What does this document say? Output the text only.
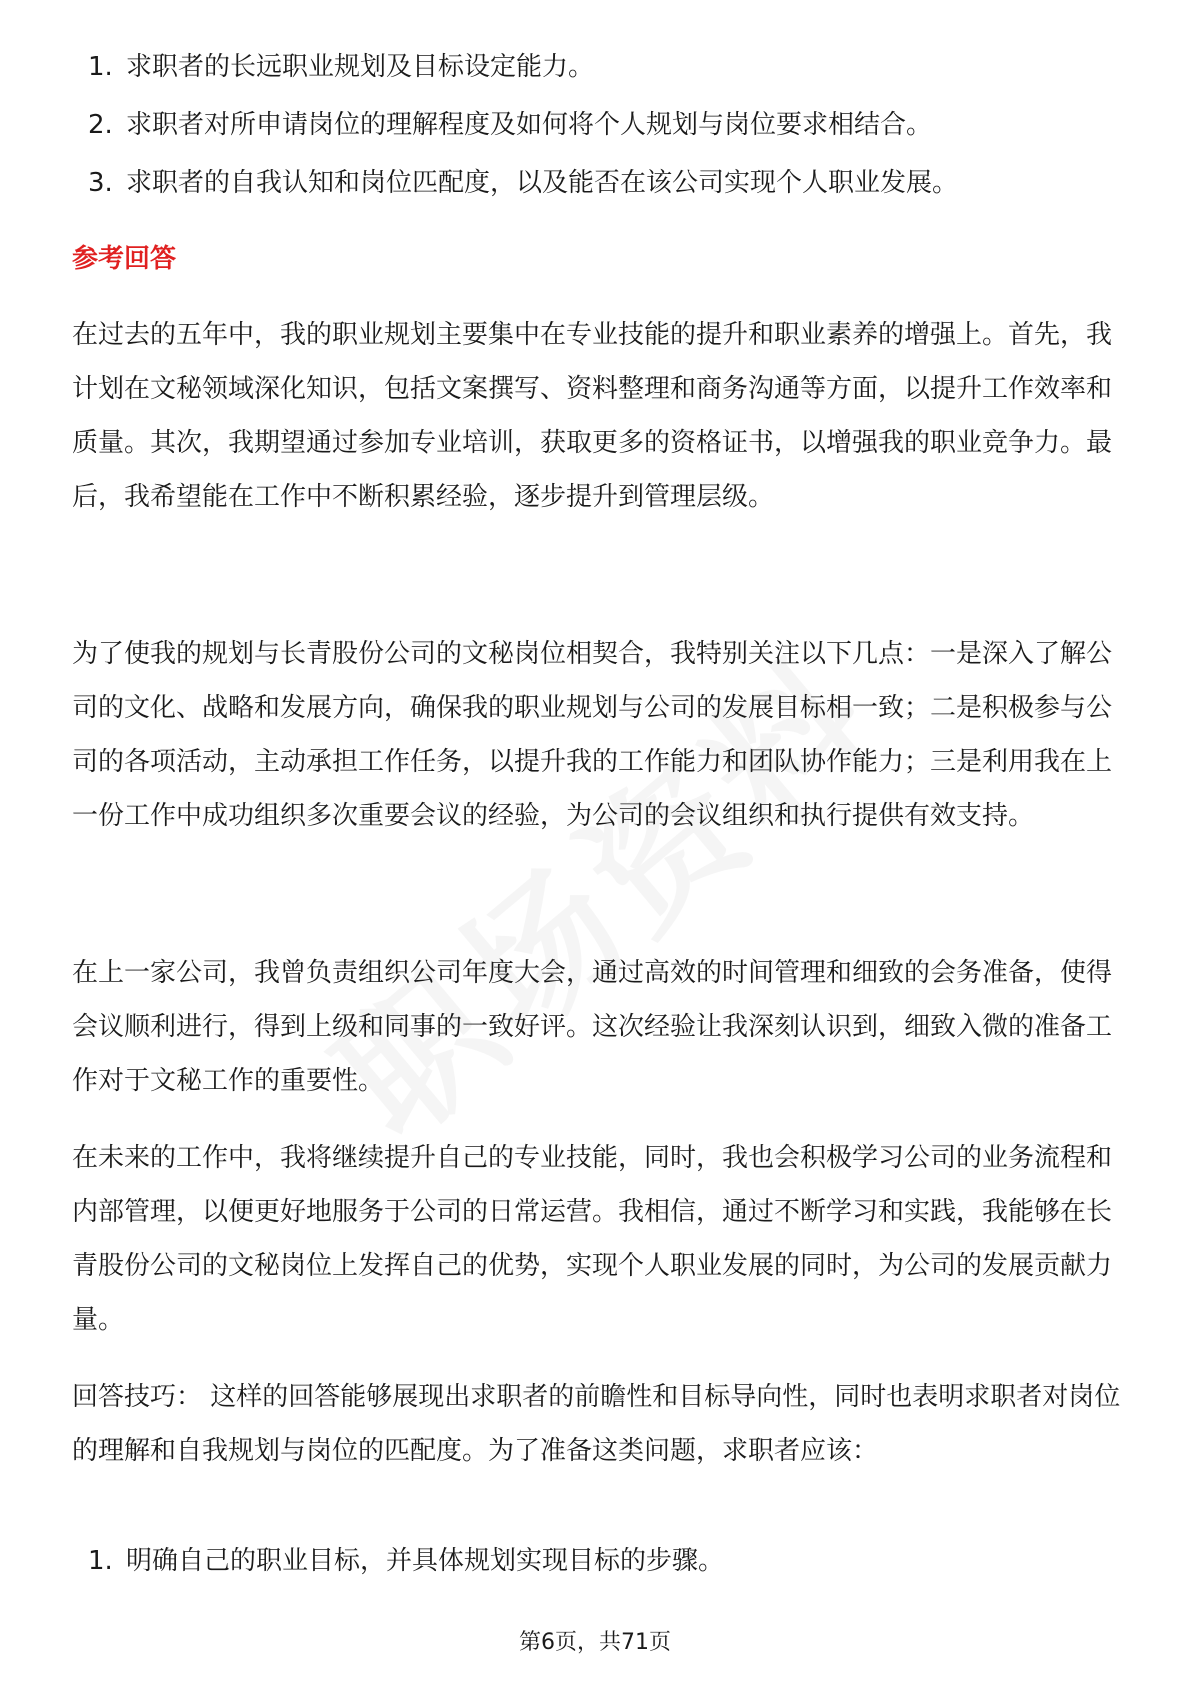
1. 求职者的长远职业规划及目标设定能力。
2. 求职者对所申请岗位的理解程度及如何将个人规划与岗位要求相结合。
3. 求职者的自我认知和岗位匹配度，以及能否在该公司实现个人职业发展。
参考回答

在过去的五年中，我的职业规划主要集中在专业技能的提升和职业素养的增强上。首先，我计划在文秘领域深化知识，包括文案撰写、资料整理和商务沟通等方面，以提升工作效率和质量。其次，我期望通过参加专业培训，获取更多的资格证书，以增强我的职业竞争力。最后，我希望能在工作中不断积累经验，逐步提升到管理层级。

为了使我的规划与长青股份公司的文秘岗位相契合，我特别关注以下几点：一是深入了解公司的文化、战略和发展方向，确保我的职业规划与公司的发展目标相一致；二是积极参与公司的各项活动，主动承担工作任务，以提升我的工作能力和团队协作能力；三是利用我在上一份工作中成功组织多次重要会议的经验，为公司的会议组织和执行提供有效支持。

在上一家公司，我曾负责组织公司年度大会，通过高效的时间管理和细致的会务准备，使得会议顺利进行，得到上级和同事的一致好评。这次经验让我深刻认识到，细致入微的准备工作对于文秘工作的重要性。

在未来的工作中，我将继续提升自己的专业技能，同时，我也会积极学习公司的业务流程和内部管理，以便更好地服务于公司的日常运营。我相信，通过不断学习和实践，我能够在长青股份公司的文秘岗位上发挥自己的优势，实现个人职业发展的同时，为公司的发展贡献力量。

回答技巧： 这样的回答能够展现出求职者的前瞻性和目标导向性，同时也表明求职者对岗位的理解和自我规划与岗位的匹配度。为了准备这类问题，求职者应该：

1. 明确自己的职业目标，并具体规划实现目标的步骤。
第6页，共71页
